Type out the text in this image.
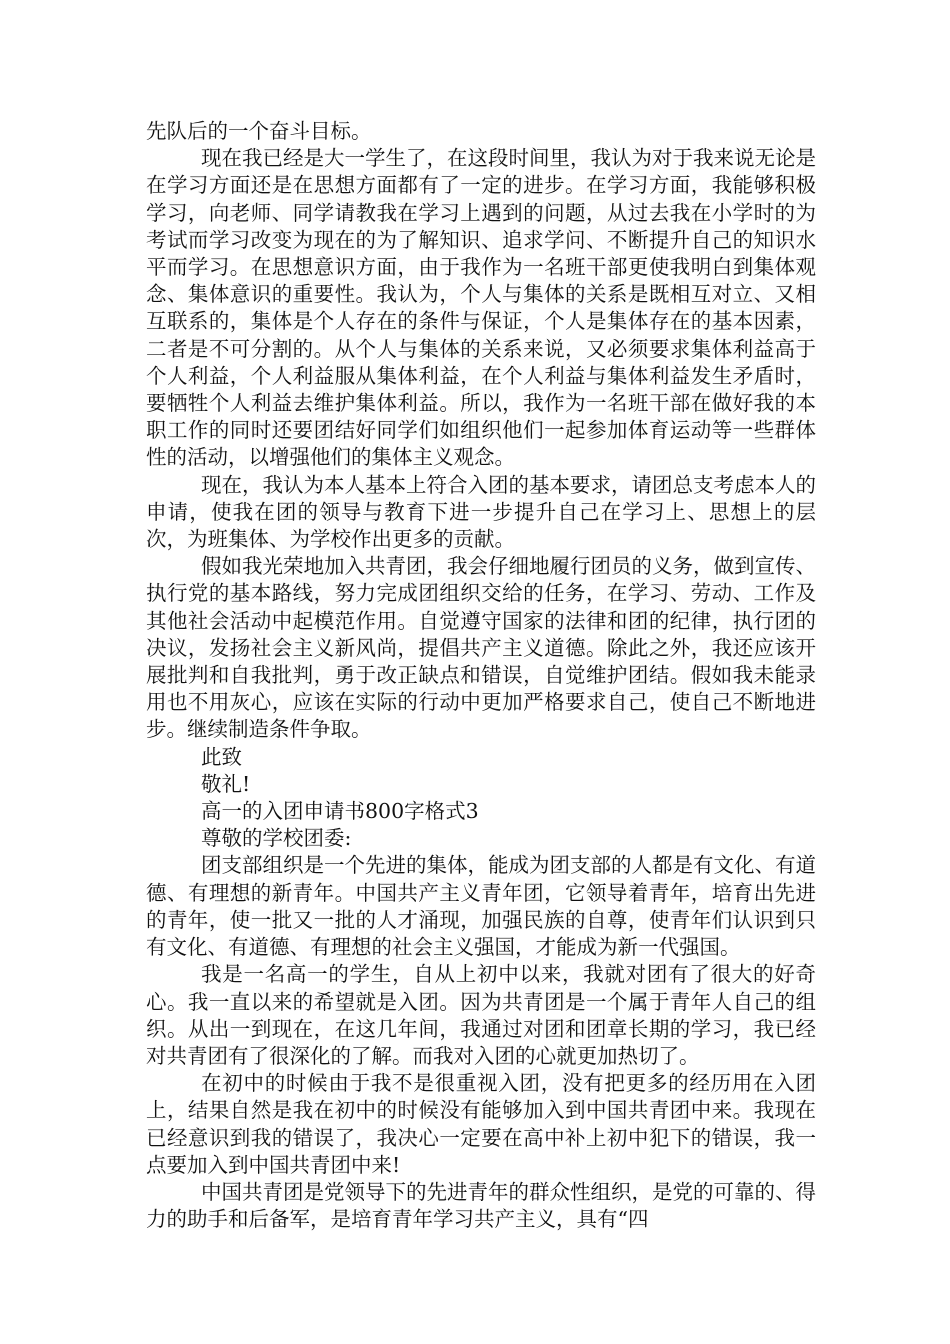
先队后的一个奋斗目标。

现在我已经是大一学生了，在这段时间里，我认为对于我来说无论是在学习方面还是在思想方面都有了一定的进步。在学习方面，我能够积极学习，向老师、同学请教我在学习上遇到的问题，从过去我在小学时的为考试而学习改变为现在的为了解知识、追求学问、不断提升自己的知识水平而学习。在思想意识方面，由于我作为一名班干部更使我明白到集体观念、集体意识的重要性。我认为，个人与集体的关系是既相互对立、又相互联系的，集体是个人存在的条件与保证，个人是集体存在的基本因素，二者是不可分割的。从个人与集体的关系来说，又必须要求集体利益高于个人利益，个人利益服从集体利益，在个人利益与集体利益发生矛盾时，要牺牲个人利益去维护集体利益。所以，我作为一名班干部在做好我的本职工作的同时还要团结好同学们如组织他们一起参加体育运动等一些群体性的活动，以增强他们的集体主义观念。

现在，我认为本人基本上符合入团的基本要求，请团总支考虑本人的申请，使我在团的领导与教育下进一步提升自己在学习上、思想上的层次，为班集体、为学校作出更多的贡献。

假如我光荣地加入共青团，我会仔细地履行团员的义务，做到宣传、执行党的基本路线，努力完成团组织交给的任务，在学习、劳动、工作及其他社会活动中起模范作用。自觉遵守国家的法律和团的纪律，执行团的决议，发扬社会主义新风尚，提倡共产主义道德。除此之外，我还应该开展批判和自我批判，勇于改正缺点和错误，自觉维护团结。假如我未能录用也不用灰心，应该在实际的行动中更加严格要求自己，使自己不断地进步。继续制造条件争取。

此致

敬礼!

高一的入团申请书800字格式3

尊敬的学校团委:

团支部组织是一个先进的集体，能成为团支部的人都是有文化、有道德、有理想的新青年。中国共产主义青年团，它领导着青年，培育出先进的青年，使一批又一批的人才涌现，加强民族的自尊，使青年们认识到只有文化、有道德、有理想的社会主义强国，才能成为新一代强国。

我是一名高一的学生，自从上初中以来，我就对团有了很大的好奇心。我一直以来的希望就是入团。因为共青团是一个属于青年人自己的组织。从出一到现在，在这几年间，我通过对团和团章长期的学习，我已经对共青团有了很深化的了解。而我对入团的心就更加热切了。

在初中的时候由于我不是很重视入团，没有把更多的经历用在入团上，结果自然是我在初中的时候没有能够加入到中国共青团中来。我现在已经意识到我的错误了，我决心一定要在高中补上初中犯下的错误，我一点要加入到中国共青团中来!

中国共青团是党领导下的先进青年的群众性组织，是党的可靠的、得力的助手和后备军，是培育青年学习共产主义，具有“四
